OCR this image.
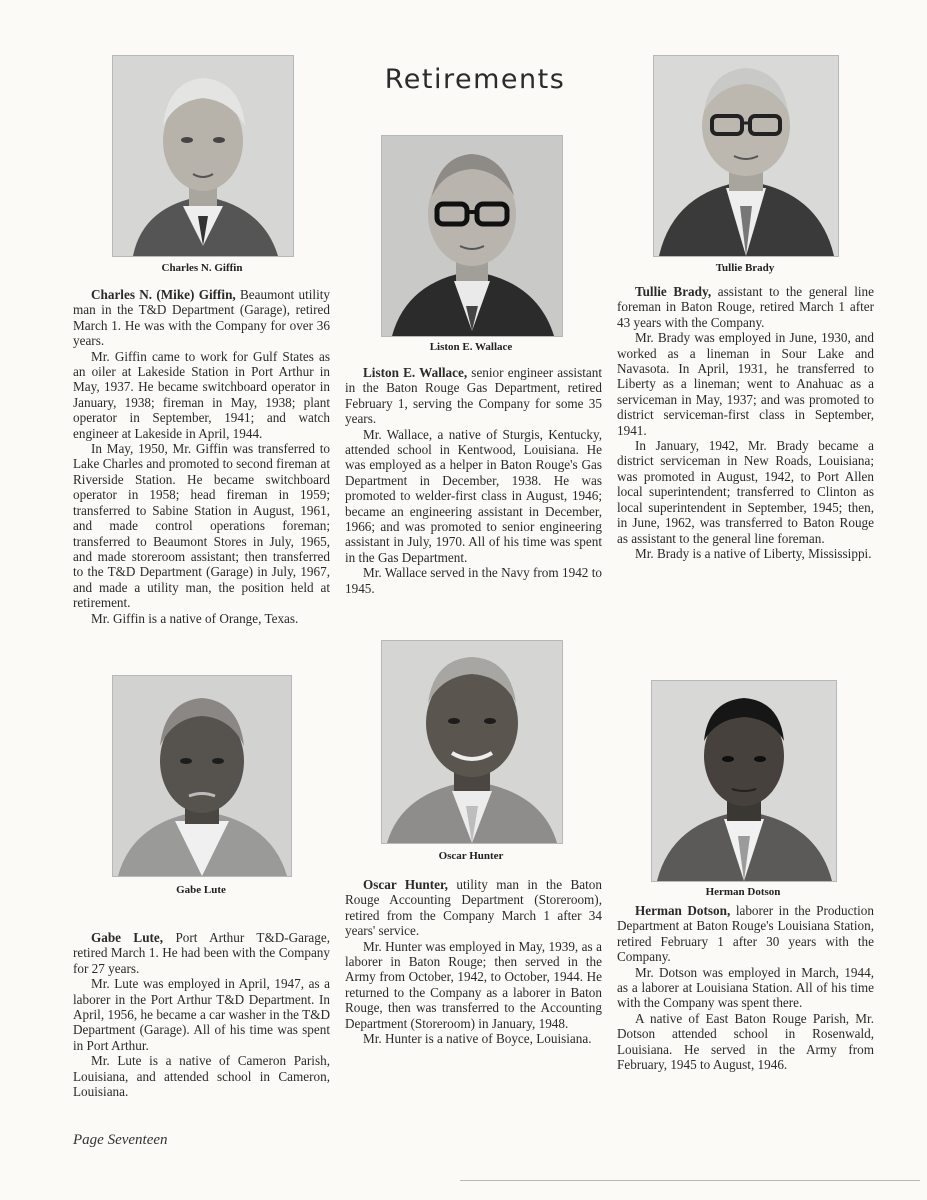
Retirements
Charles N. Giffin

Charles N. (Mike) Giffin, Beaumont utility man in the T&D Department (Garage), retired March 1. He was with the Company for over 36 years.

Mr. Giffin came to work for Gulf States as an oiler at Lakeside Station in Port Arthur in May, 1937. He became switchboard operator in January, 1938; fireman in May, 1938; plant operator in September, 1941; and watch engineer at Lakeside in April, 1944.

In May, 1950, Mr. Giffin was transferred to Lake Charles and promoted to second fireman at Riverside Station. He became switchboard operator in 1958; head fireman in 1959; transferred to Sabine Station in August, 1961, and made control operations foreman; transferred to Beaumont Stores in July, 1965, and made storeroom assistant; then transferred to the T&D Department (Garage) in July, 1967, and made a utility man, the position held at retirement.

Mr. Giffin is a native of Orange, Texas.

Liston E. Wallace

Liston E. Wallace, senior engineer assistant in the Baton Rouge Gas Department, retired February 1, serving the Company for some 35 years.

Mr. Wallace, a native of Sturgis, Kentucky, attended school in Kentwood, Louisiana. He was employed as a helper in Baton Rouge's Gas Department in December, 1938. He was promoted to welder-first class in August, 1946; became an engineering assistant in December, 1966; and was promoted to senior engineering assistant in July, 1970. All of his time was spent in the Gas Department.

Mr. Wallace served in the Navy from 1942 to 1945.

Tullie Brady

Tullie Brady, assistant to the general line foreman in Baton Rouge, retired March 1 after 43 years with the Company.

Mr. Brady was employed in June, 1930, and worked as a lineman in Sour Lake and Navasota. In April, 1931, he transferred to Liberty as a lineman; went to Anahuac as a serviceman in May, 1937; and was promoted to district serviceman-first class in September, 1941.

In January, 1942, Mr. Brady became a district serviceman in New Roads, Louisiana; was promoted in August, 1942, to Port Allen local superintendent; transferred to Clinton as local superintendent in September, 1945; then, in June, 1962, was transferred to Baton Rouge as assistant to the general line foreman.

Mr. Brady is a native of Liberty, Mississippi.

Gabe Lute

Gabe Lute, Port Arthur T&D-Garage, retired March 1. He had been with the Company for 27 years.

Mr. Lute was employed in April, 1947, as a laborer in the Port Arthur T&D Department. In April, 1956, he became a car washer in the T&D Department (Garage). All of his time was spent in Port Arthur.

Mr. Lute is a native of Cameron Parish, Louisiana, and attended school in Cameron, Louisiana.

Oscar Hunter

Oscar Hunter, utility man in the Baton Rouge Accounting Department (Storeroom), retired from the Company March 1 after 34 years' service.

Mr. Hunter was employed in May, 1939, as a laborer in Baton Rouge; then served in the Army from October, 1942, to October, 1944. He returned to the Company as a laborer in Baton Rouge, then was transferred to the Accounting Department (Storeroom) in January, 1948.

Mr. Hunter is a native of Boyce, Louisiana.

Herman Dotson

Herman Dotson, laborer in the Production Department at Baton Rouge's Louisiana Station, retired February 1 after 30 years with the Company.

Mr. Dotson was employed in March, 1944, as a laborer at Louisiana Station. All of his time with the Company was spent there.

A native of East Baton Rouge Parish, Mr. Dotson attended school in Rosenwald, Louisiana. He served in the Army from February, 1945 to August, 1946.

Page Seventeen
